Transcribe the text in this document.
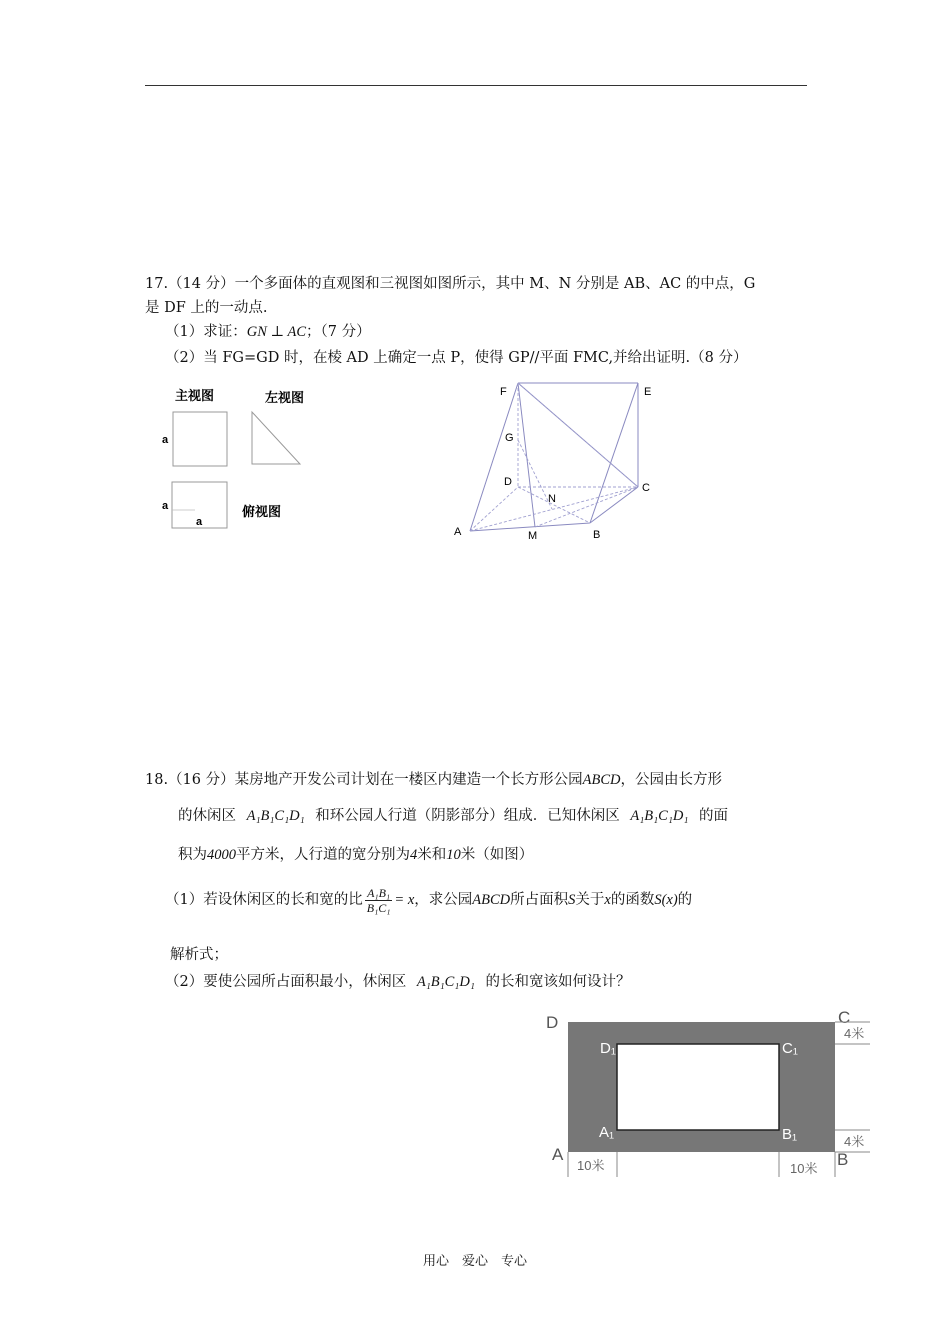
17.（14 分）一个多面体的直观图和三视图如图所示，其中 M、N 分别是 AB、AC 的中点，G
是 DF 上的一动点.
（1）求证：GN ⊥ AC；（7 分）
（2）当 FG=GD 时，在棱 AD 上确定一点 P，使得 GP//平面 FMC,并给出证明.（8 分）
主视图	左视图
a
a
a
俯视图
F	E
G
D
N
C
A	M	B
18.（16 分）某房地产开发公司计划在一楼区内建造一个长方形公园ABCD，公园由长方形
的休闲区 A₁B₁C₁D₁ 和环公园人行道（阴影部分）组成．已知休闲区 A₁B₁C₁D₁ 的面
积为4000平方米，人行道的宽分别为4米和10米（如图）
（1）若设休闲区的长和宽的比 $\frac{\text{A₁B₁}}{\text{B₁C₁}} = x$，求公园ABCD所占面积S关于x的函数S(x)的
解析式；
（2）要使公园所占面积最小，休闲区 A₁B₁C₁D₁ 的长和宽该如何设计？
D	C
A	B
D₁	C₁
A₁	B₁
4米
4米
10米	10米
用心　爱心　专心
